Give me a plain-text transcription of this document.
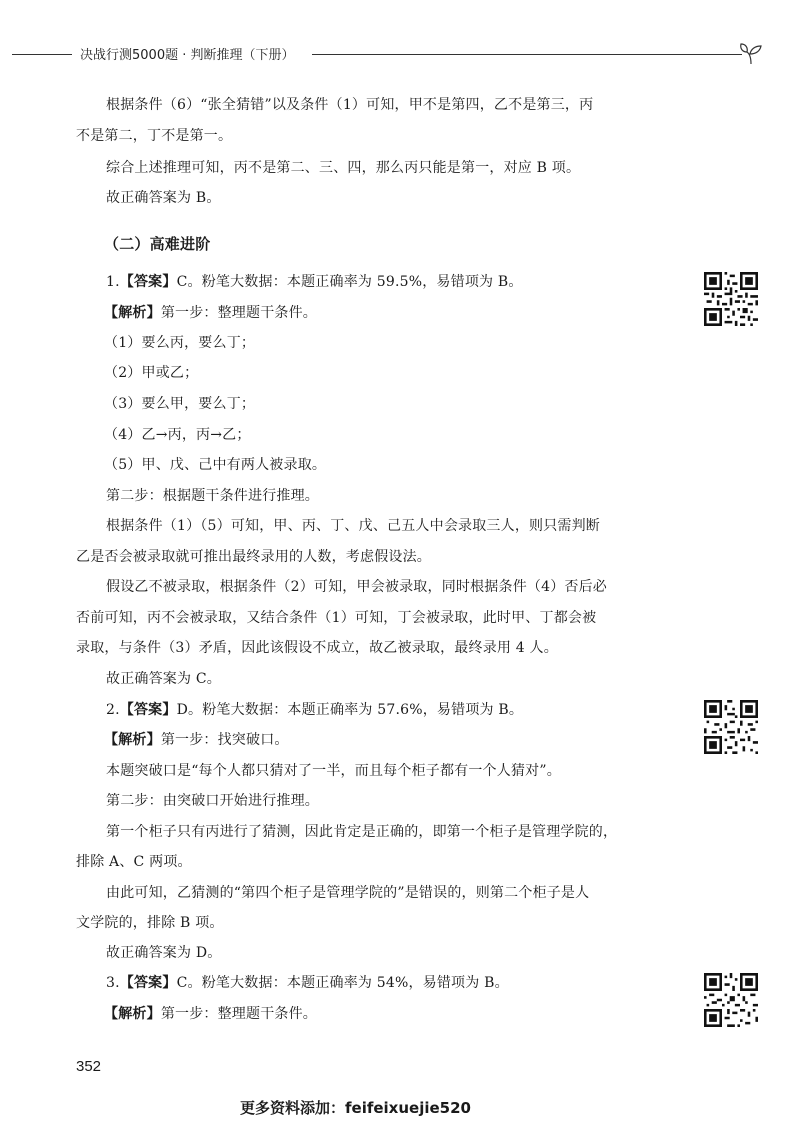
决战行测5000题 · 判断推理（下册）
根据条件（6）“张全猜错”以及条件（1）可知，甲不是第四，乙不是第三，丙
不是第二，丁不是第一。
综合上述推理可知，丙不是第二、三、四，那么丙只能是第一，对应 B 项。
故正确答案为 B。
（二）高难进阶
1.【答案】C。粉笔大数据：本题正确率为 59.5%，易错项为 B。
【解析】第一步：整理题干条件。
（1）要么丙，要么丁；
（2）甲或乙；
（3）要么甲，要么丁；
（4）乙→丙，丙→乙；
（5）甲、戊、己中有两人被录取。
第二步：根据题干条件进行推理。
根据条件（1）（5）可知，甲、丙、丁、戊、己五人中会录取三人，则只需判断
乙是否会被录取就可推出最终录用的人数，考虑假设法。
假设乙不被录取，根据条件（2）可知，甲会被录取，同时根据条件（4）否后必
否前可知，丙不会被录取，又结合条件（1）可知，丁会被录取，此时甲、丁都会被
录取，与条件（3）矛盾，因此该假设不成立，故乙被录取，最终录用 4 人。
故正确答案为 C。
2.【答案】D。粉笔大数据：本题正确率为 57.6%，易错项为 B。
【解析】第一步：找突破口。
本题突破口是“每个人都只猜对了一半，而且每个柜子都有一个人猜对”。
第二步：由突破口开始进行推理。
第一个柜子只有丙进行了猜测，因此肯定是正确的，即第一个柜子是管理学院的，
排除 A、C 两项。
由此可知，乙猜测的“第四个柜子是管理学院的”是错误的，则第二个柜子是人
文学院的，排除 B 项。
故正确答案为 D。
3.【答案】C。粉笔大数据：本题正确率为 54%，易错项为 B。
【解析】第一步：整理题干条件。
352
更多资料添加：feifeixuejie520
